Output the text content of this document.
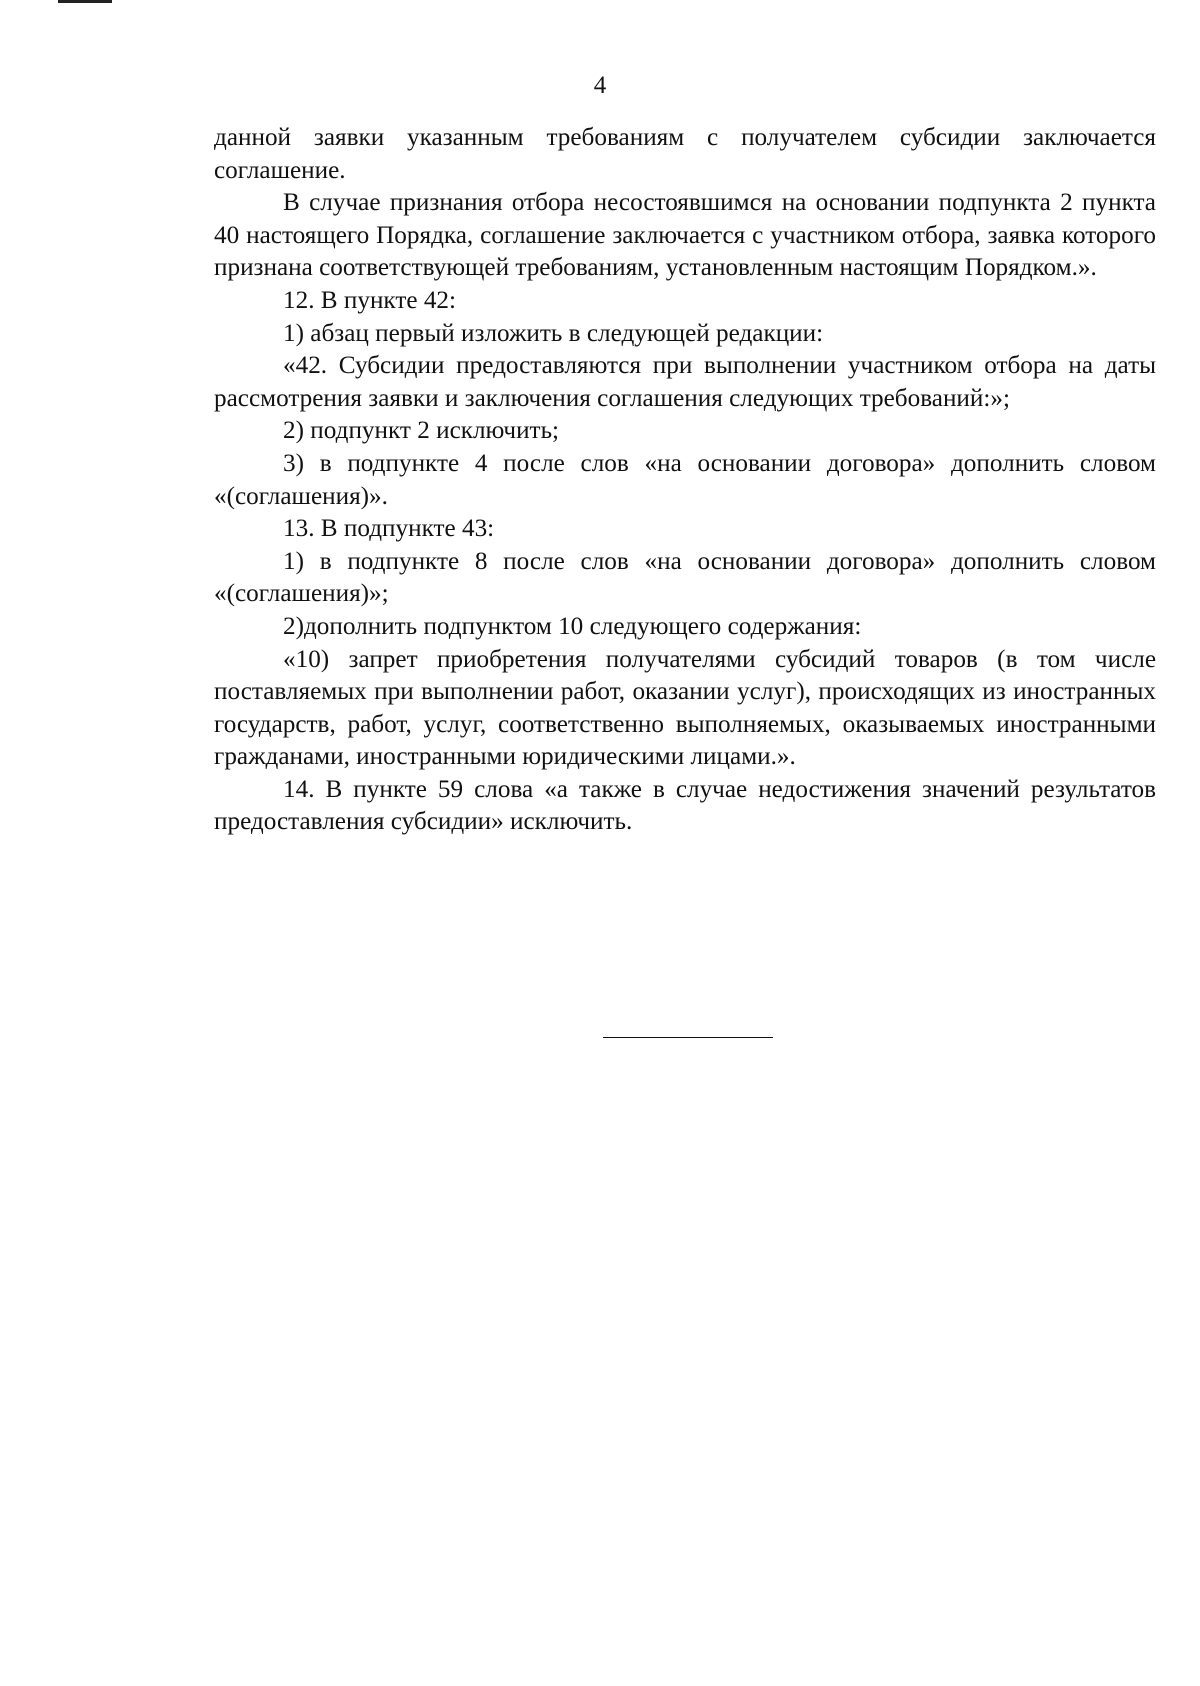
4

данной заявки указанным требованиям с получателем субсидии заключается соглашение.

В случае признания отбора несостоявшимся на основании подпункта 2 пункта 40 настоящего Порядка, соглашение заключается с участником отбора, заявка которого признана соответствующей требованиям, установленным настоящим Порядком.».

12. В пункте 42:

1) абзац первый изложить в следующей редакции:

«42. Субсидии предоставляются при выполнении участником отбора на даты рассмотрения заявки и заключения соглашения следующих требований:»;

2) подпункт 2 исключить;

3) в подпункте 4 после слов «на основании договора» дополнить словом «(соглашения)».

13. В подпункте 43:

1) в подпункте 8 после слов «на основании договора» дополнить словом «(соглашения)»;

2)дополнить подпунктом 10 следующего содержания:

«10) запрет приобретения получателями субсидий товаров (в том числе поставляемых при выполнении работ, оказании услуг), происходящих из иностранных государств, работ, услуг, соответственно выполняемых, оказываемых иностранными гражданами, иностранными юридическими лицами.».

14. В пункте 59 слова «а также в случае недостижения значений результатов предоставления субсидии» исключить.
